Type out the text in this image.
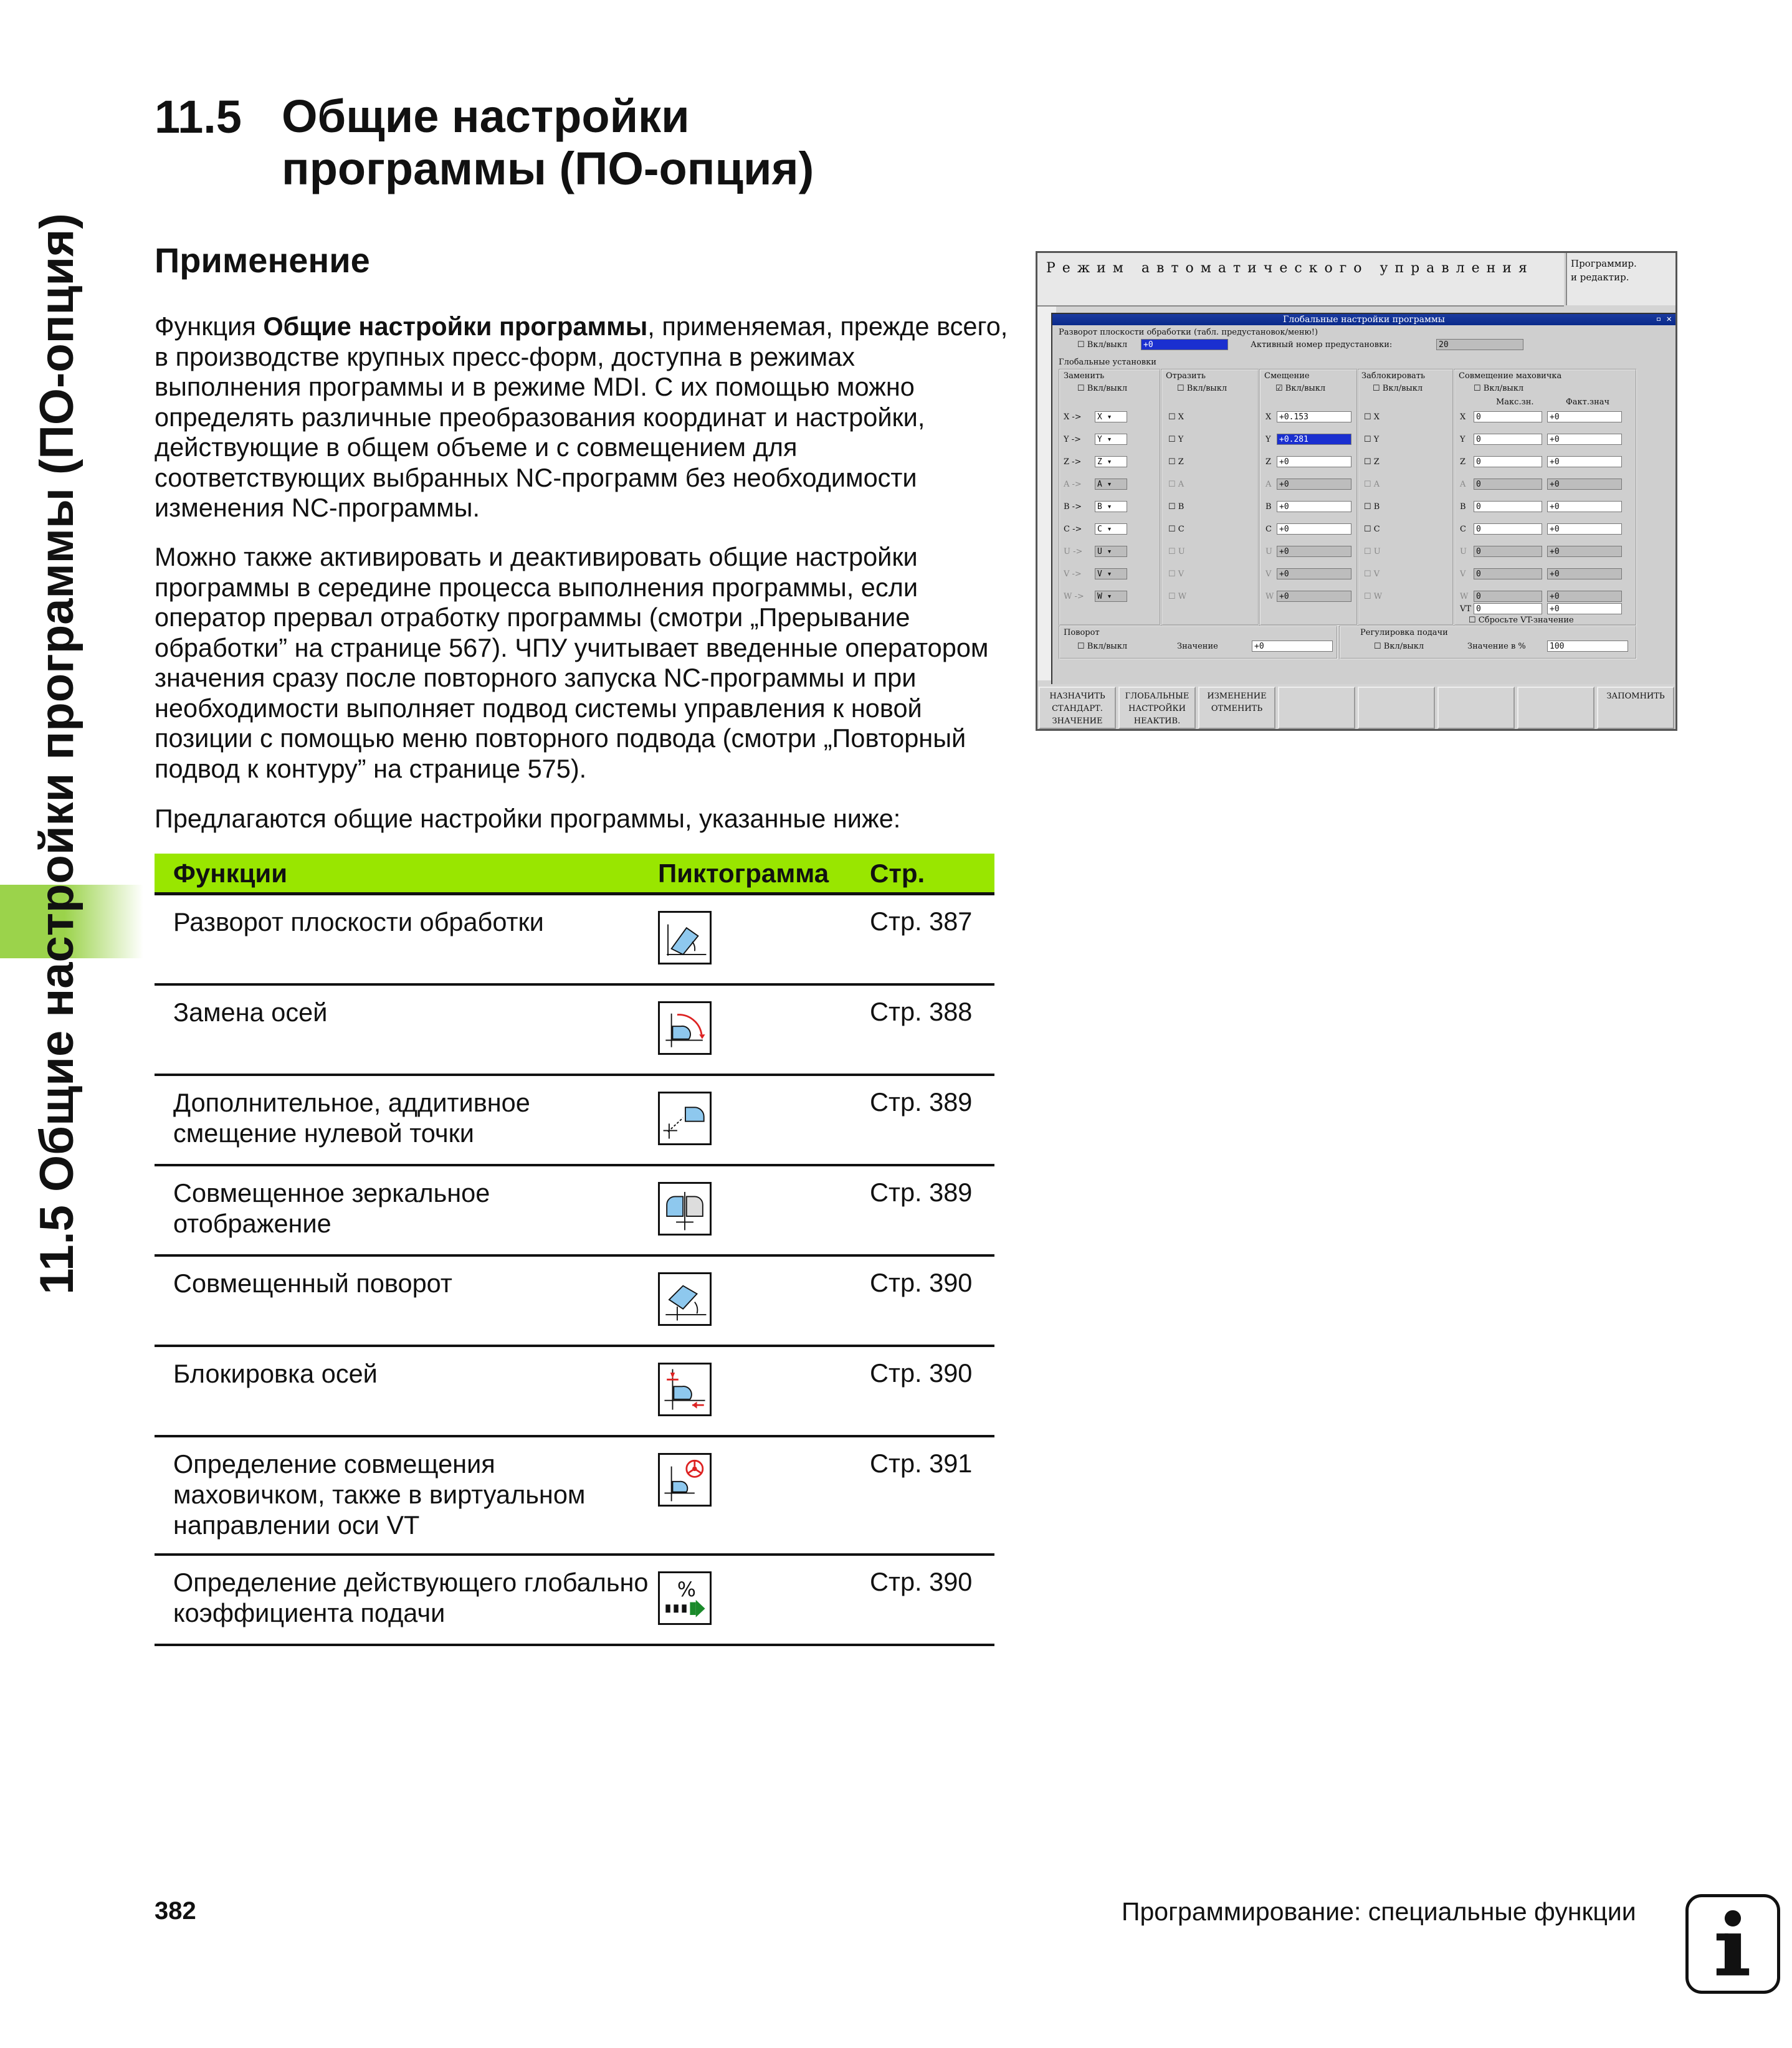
11.5 Общие настройки программы (ПО-опция)
11.5 Общие настройки программы (ПО-опция)
Применение
Функция Общие настройки программы, применяемая, прежде всего, в производстве крупных пресс-форм, доступна в режимах выполнения программы и в режиме MDI. С их помощью можно определять различные преобразования координат и настройки, действующие в общем объеме и с совмещением для соответствующих выбранных NC-программ без необходимости изменения NC-программы.
Можно также активировать и деактивировать общие настройки программы в середине процесса выполнения программы, если оператор прервал отработку программы (смотри „Прерывание обработки” на странице 567). ЧПУ учитывает введенные оператором значения сразу после повторного запуска NC-программы и при необходимости выполняет подвод системы управления к новой позиции с помощью меню повторного подвода (смотри „Повторный подвод к контуру” на странице 575).
Предлагаются общие настройки программы, указанные ниже:
Функции	Пиктограмма Стр.
Разворот плоскости обработки	Стр. 387
Замена осей	Стр. 388
Дополнительное, аддитивное смещение нулевой точки
Стр. 389
Совмещенное зеркальное отображение
Стр. 389
Совмещенный поворот	Стр. 390
Блокировка осей	Стр. 390
Определение совмещения маховичком, также в виртуальном направлении оси VT
Стр. 391
Определение действующего глобально коэффициента подачи
%	Стр. 390
Режим автоматического управления	Программир.
и редактир.
Глобальные настройки программы	▫ ✕
Разворот плоскости обработки (табл. предустановок/меню!)
☐ Вкл/выкл	+0	Активный номер предустановки:	20
Глобальные установки
Заменить	Отразить	Смещение	Заблокировать	Совмещение маховичка
☐ Вкл/выкл	☐ Вкл/выкл	☑ Вкл/выкл	☐ Вкл/выкл	☐ Вкл/выкл
Макс.зн.	Факт.знач
X ->	X ▾	☐ X	X +0.153	☐ X	X	0	+0
Y ->	Y ▾	☐ Y	Y	+0.281	☐ Y	Y	0	+0
Z ->	Z ▾	☐ Z	Z +0	☐ Z	Z	0	+0
A ->	A ▾	☐ A	A +0	☐ A	A	0	+0
B ->	B ▾	☐ B	B +0	☐ B	B	0	+0
C ->	C ▾	☐ C	C +0	☐ C	C	0	+0
U ->	U ▾	☐ U	U +0	☐ U	U	0	+0
V ->	V ▾	☐ V	V +0	☐ V	V	0	+0
W ->	W ▾	☐ W	W +0	☐ W	W 0	+0
VT 0	+0
☐ Сбросьте VT-значение
Поворот
☐ Вкл/выкл	Значение	+0
Регулировка подачи
☐ Вкл/выкл	Значение в %	100
НАЗНАЧИТЬ СТАНДАРТ. ЗНАЧЕНИЕ
ГЛОБАЛЬНЫЕ НАСТРОЙКИ НЕАКТИВ.
ИЗМЕНЕНИЕ ОТМЕНИТЬ
ЗАПОМНИТЬ
382	Программирование: специальные функции
